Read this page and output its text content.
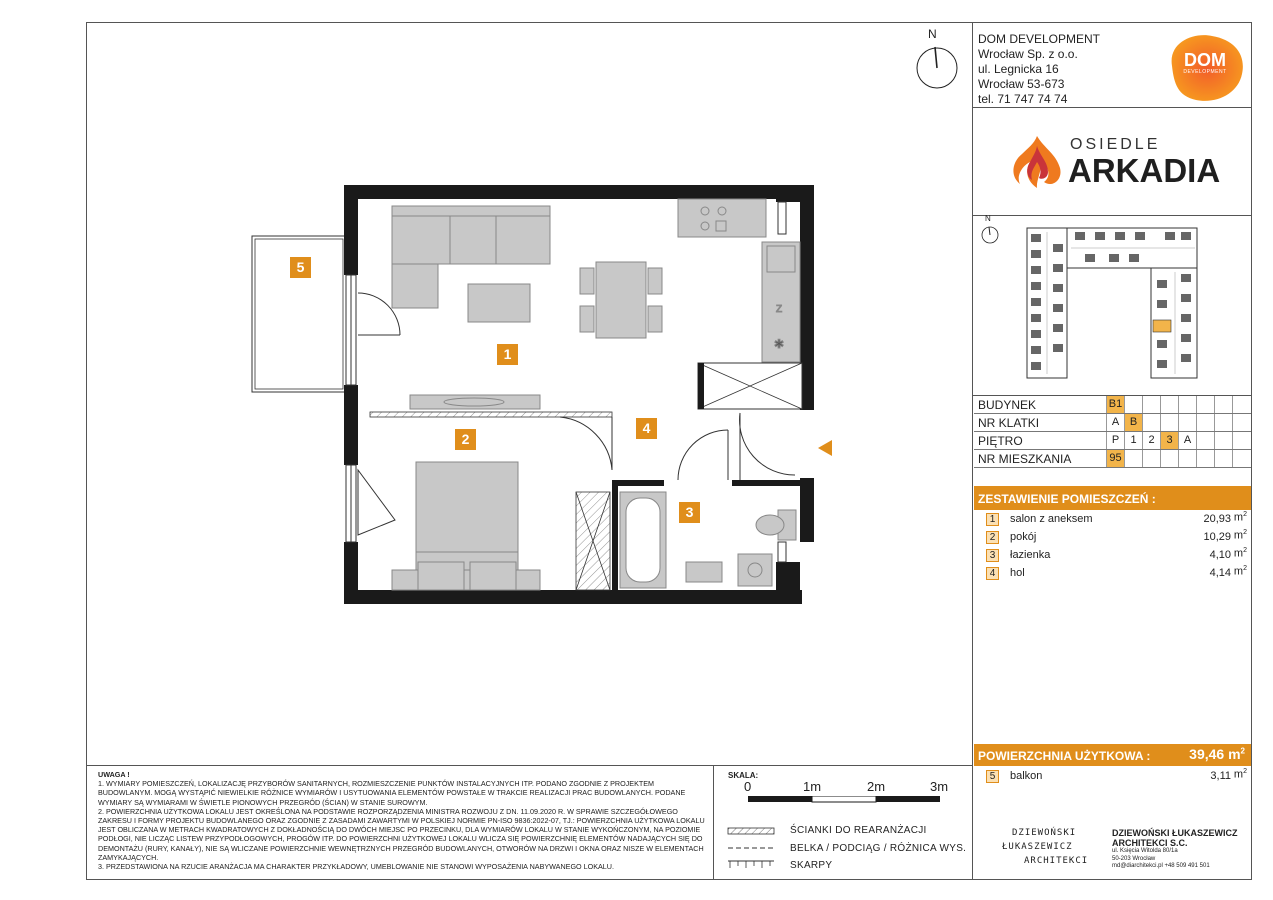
N	DOM DEVELOPMENT
Wrocław Sp. z o.o.
ul. Legnicka 16
Wrocław 53-673
tel. 71 747 74 74
DOM
DEVELOPMENT
OSIEDLE
ARKADIA
N
BUDYNEK	B1
NR KLATKI	A B
PIĘTRO	P	1	2	3	A
NR MIESZKANIA	95
ZESTAWIENIE POMIESZCZEŃ :
1	salon z aneksem	20,93 $m^2$
2	pokój	10,29 $m^2$
3	łazienka	4,10 $m^2$
4	hol	4,14 $m^2$
POWIERZCHNIA UŻYTKOWA :	39,46 $m^2$
5	balkon	3,11 $m^2$
Z
✱
1
2
3
4
5
UWAGA !
1. WYMIARY POMIESZCZEŃ, LOKALIZACJĘ PRZYBORÓW SANITARNYCH, ROZMIESZCZENIE PUNKTÓW INSTALACYJNYCH ITP. PODANO ZGODNIE Z PROJEKTEM BUDOWLANYM. MOGĄ WYSTĄPIĆ NIEWIELKIE RÓŻNICE WYMIARÓW I USYTUOWANIA ELEMENTÓW POWSTAŁE W TRAKCIE REALIZACJI PRAC BUDOWLANYCH. PODANE WYMIARY SĄ WYMIARAMI W ŚWIETLE PIONOWYCH PRZEGRÓD (ŚCIAN) W STANIE SUROWYM.
2. POWIERZCHNIA UŻYTKOWA LOKALU JEST OKREŚLONA NA PODSTAWIE ROZPORZĄDZENIA MINISTRA ROZWOJU Z DN. 11.09.2020 R. W SPRAWIE SZCZEGÓŁOWEGO ZAKRESU I FORMY PROJEKTU BUDOWLANEGO ORAZ ZGODNIE Z ZASADAMI ZAWARTYMI W POLSKIEJ NORMIE PN-ISO 9836:2022-07, TJ.: POWIERZCHNIA UŻYTKOWA LOKALU JEST OBLICZANA W METRACH KWADRATOWYCH Z DOKŁADNOŚCIĄ DO DWÓCH MIEJSC PO PRZECINKU, DLA WYMIARÓW LOKALU W STANIE WYKOŃCZONYM, NA POZIOMIE PODŁOGI, NIE LICZĄC LISTEW PRZYPODŁOGOWYCH, PROGÓW ITP. DO POWIERZCHNI UŻYTKOWEJ LOKALU WLICZA SIĘ POWIERZCHNIĘ ELEMENTÓW NADAJĄCYCH SIĘ DO DEMONTAŻU (RURY, KANAŁY), NIE SĄ WLICZANE POWIERZCHNIE WEWNĘTRZNYCH PRZEGRÓD BUDOWLANYCH, OTWORÓW NA DRZWI I OKNA ORAZ NISZE W ELEMENTACH ZAMYKAJĄCYCH.
3. PRZEDSTAWIONA NA RZUCIE ARANŻACJA MA CHARAKTER PRZYKŁADOWY, UMEBLOWANIE NIE STANOWI WYPOSAŻENIA NABYWANEGO LOKALU.
SKALA:
0	1m	2m	3m
ŚCIANKI DO REARANŻACJI
BELKA / PODCIĄG / RÓŻNICA WYS.
SKARPY
DZIEWOŃSKI
ŁUKASZEWICZ
ARCHITEKCI
DZIEWOŃSKI ŁUKASZEWICZ
ARCHITEKCI S.C.
ul. Księcia Witolda 80/1a
50-203 Wrocław
md@diarchitekci.pl +48 509 491 501
